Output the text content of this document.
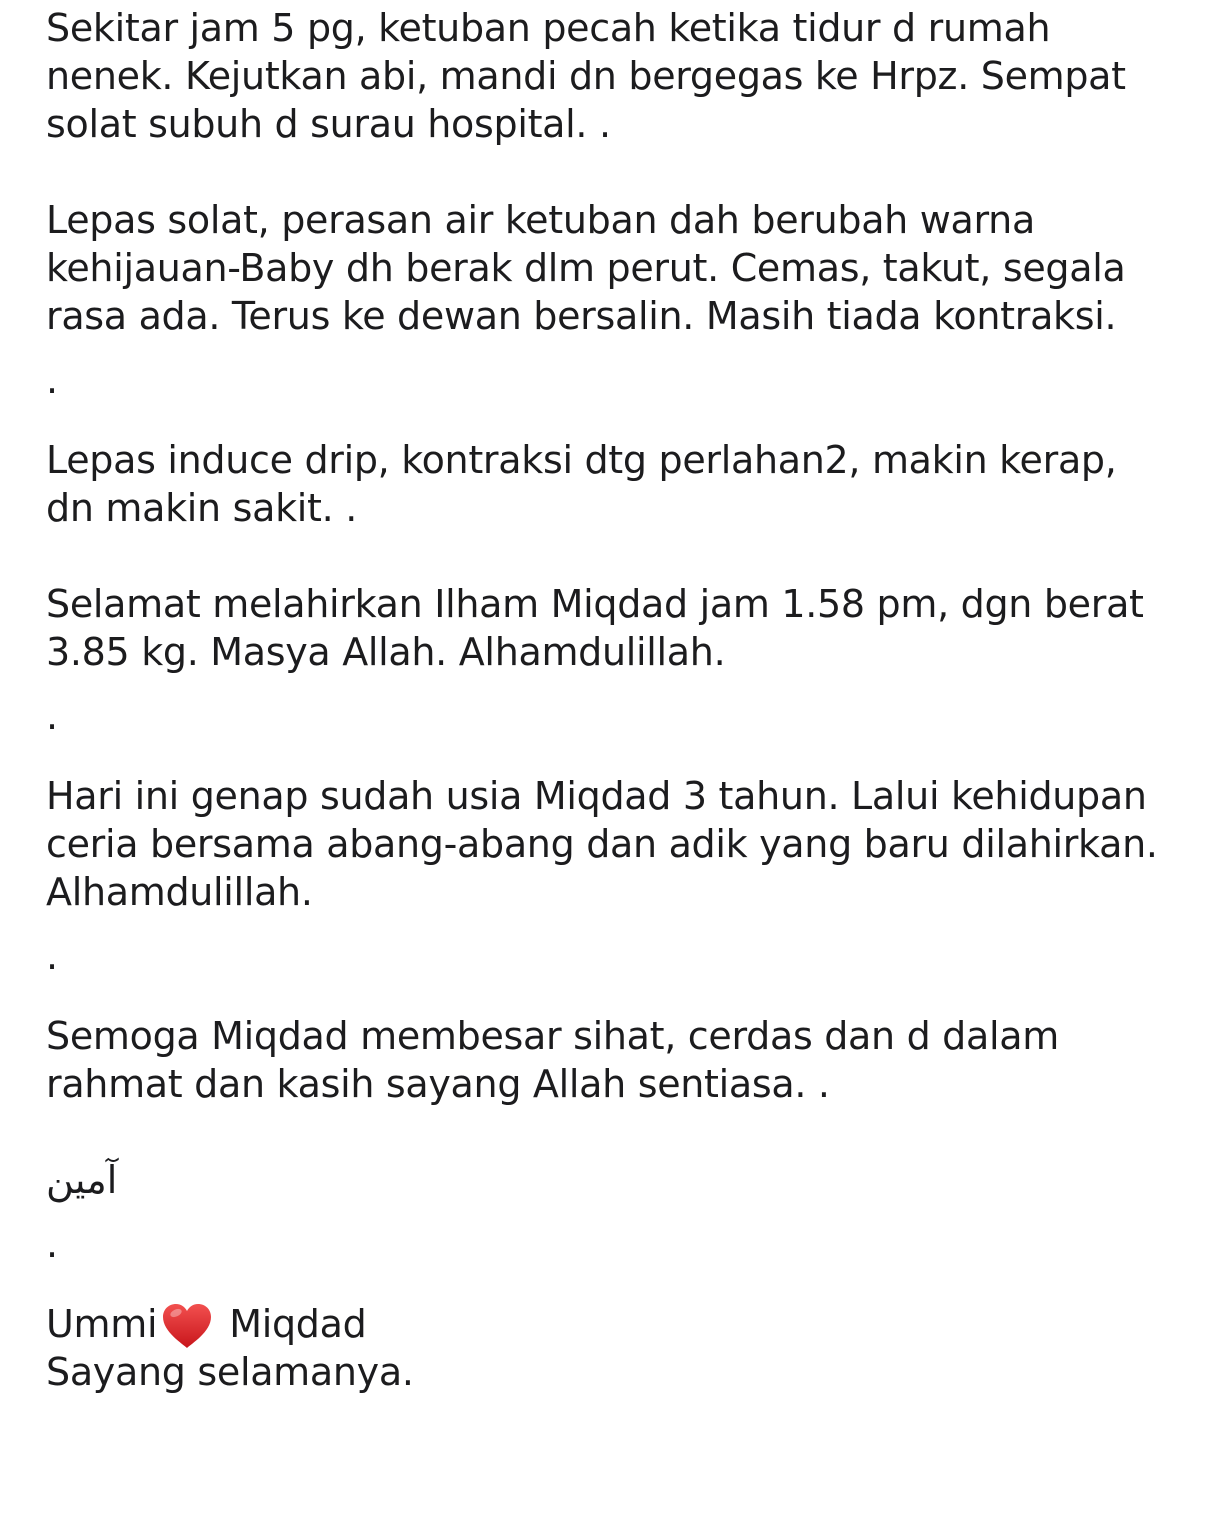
Sekitar jam 5 pg, ketuban pecah ketika tidur d rumah
nenek. Kejutkan abi, mandi dn bergegas ke Hrpz. Sempat
solat subuh d surau hospital. .

Lepas solat, perasan air ketuban dah berubah warna
kehijauan-Baby dh berak dlm perut. Cemas, takut, segala
rasa ada. Terus ke dewan bersalin. Masih tiada kontraksi.

.

Lepas induce drip, kontraksi dtg perlahan2, makin kerap,
dn makin sakit. .

Selamat melahirkan Ilham Miqdad jam 1.58 pm, dgn berat
3.85 kg. Masya Allah. Alhamdulillah.

.

Hari ini genap sudah usia Miqdad 3 tahun. Lalui kehidupan
ceria bersama abang-abang dan adik yang baru dilahirkan.
Alhamdulillah.

.

Semoga Miqdad membesar sihat, cerdas dan d dalam
rahmat dan kasih sayang Allah sentiasa. .

آمين

.
Ummi Miqdad

Sayang selamanya.
